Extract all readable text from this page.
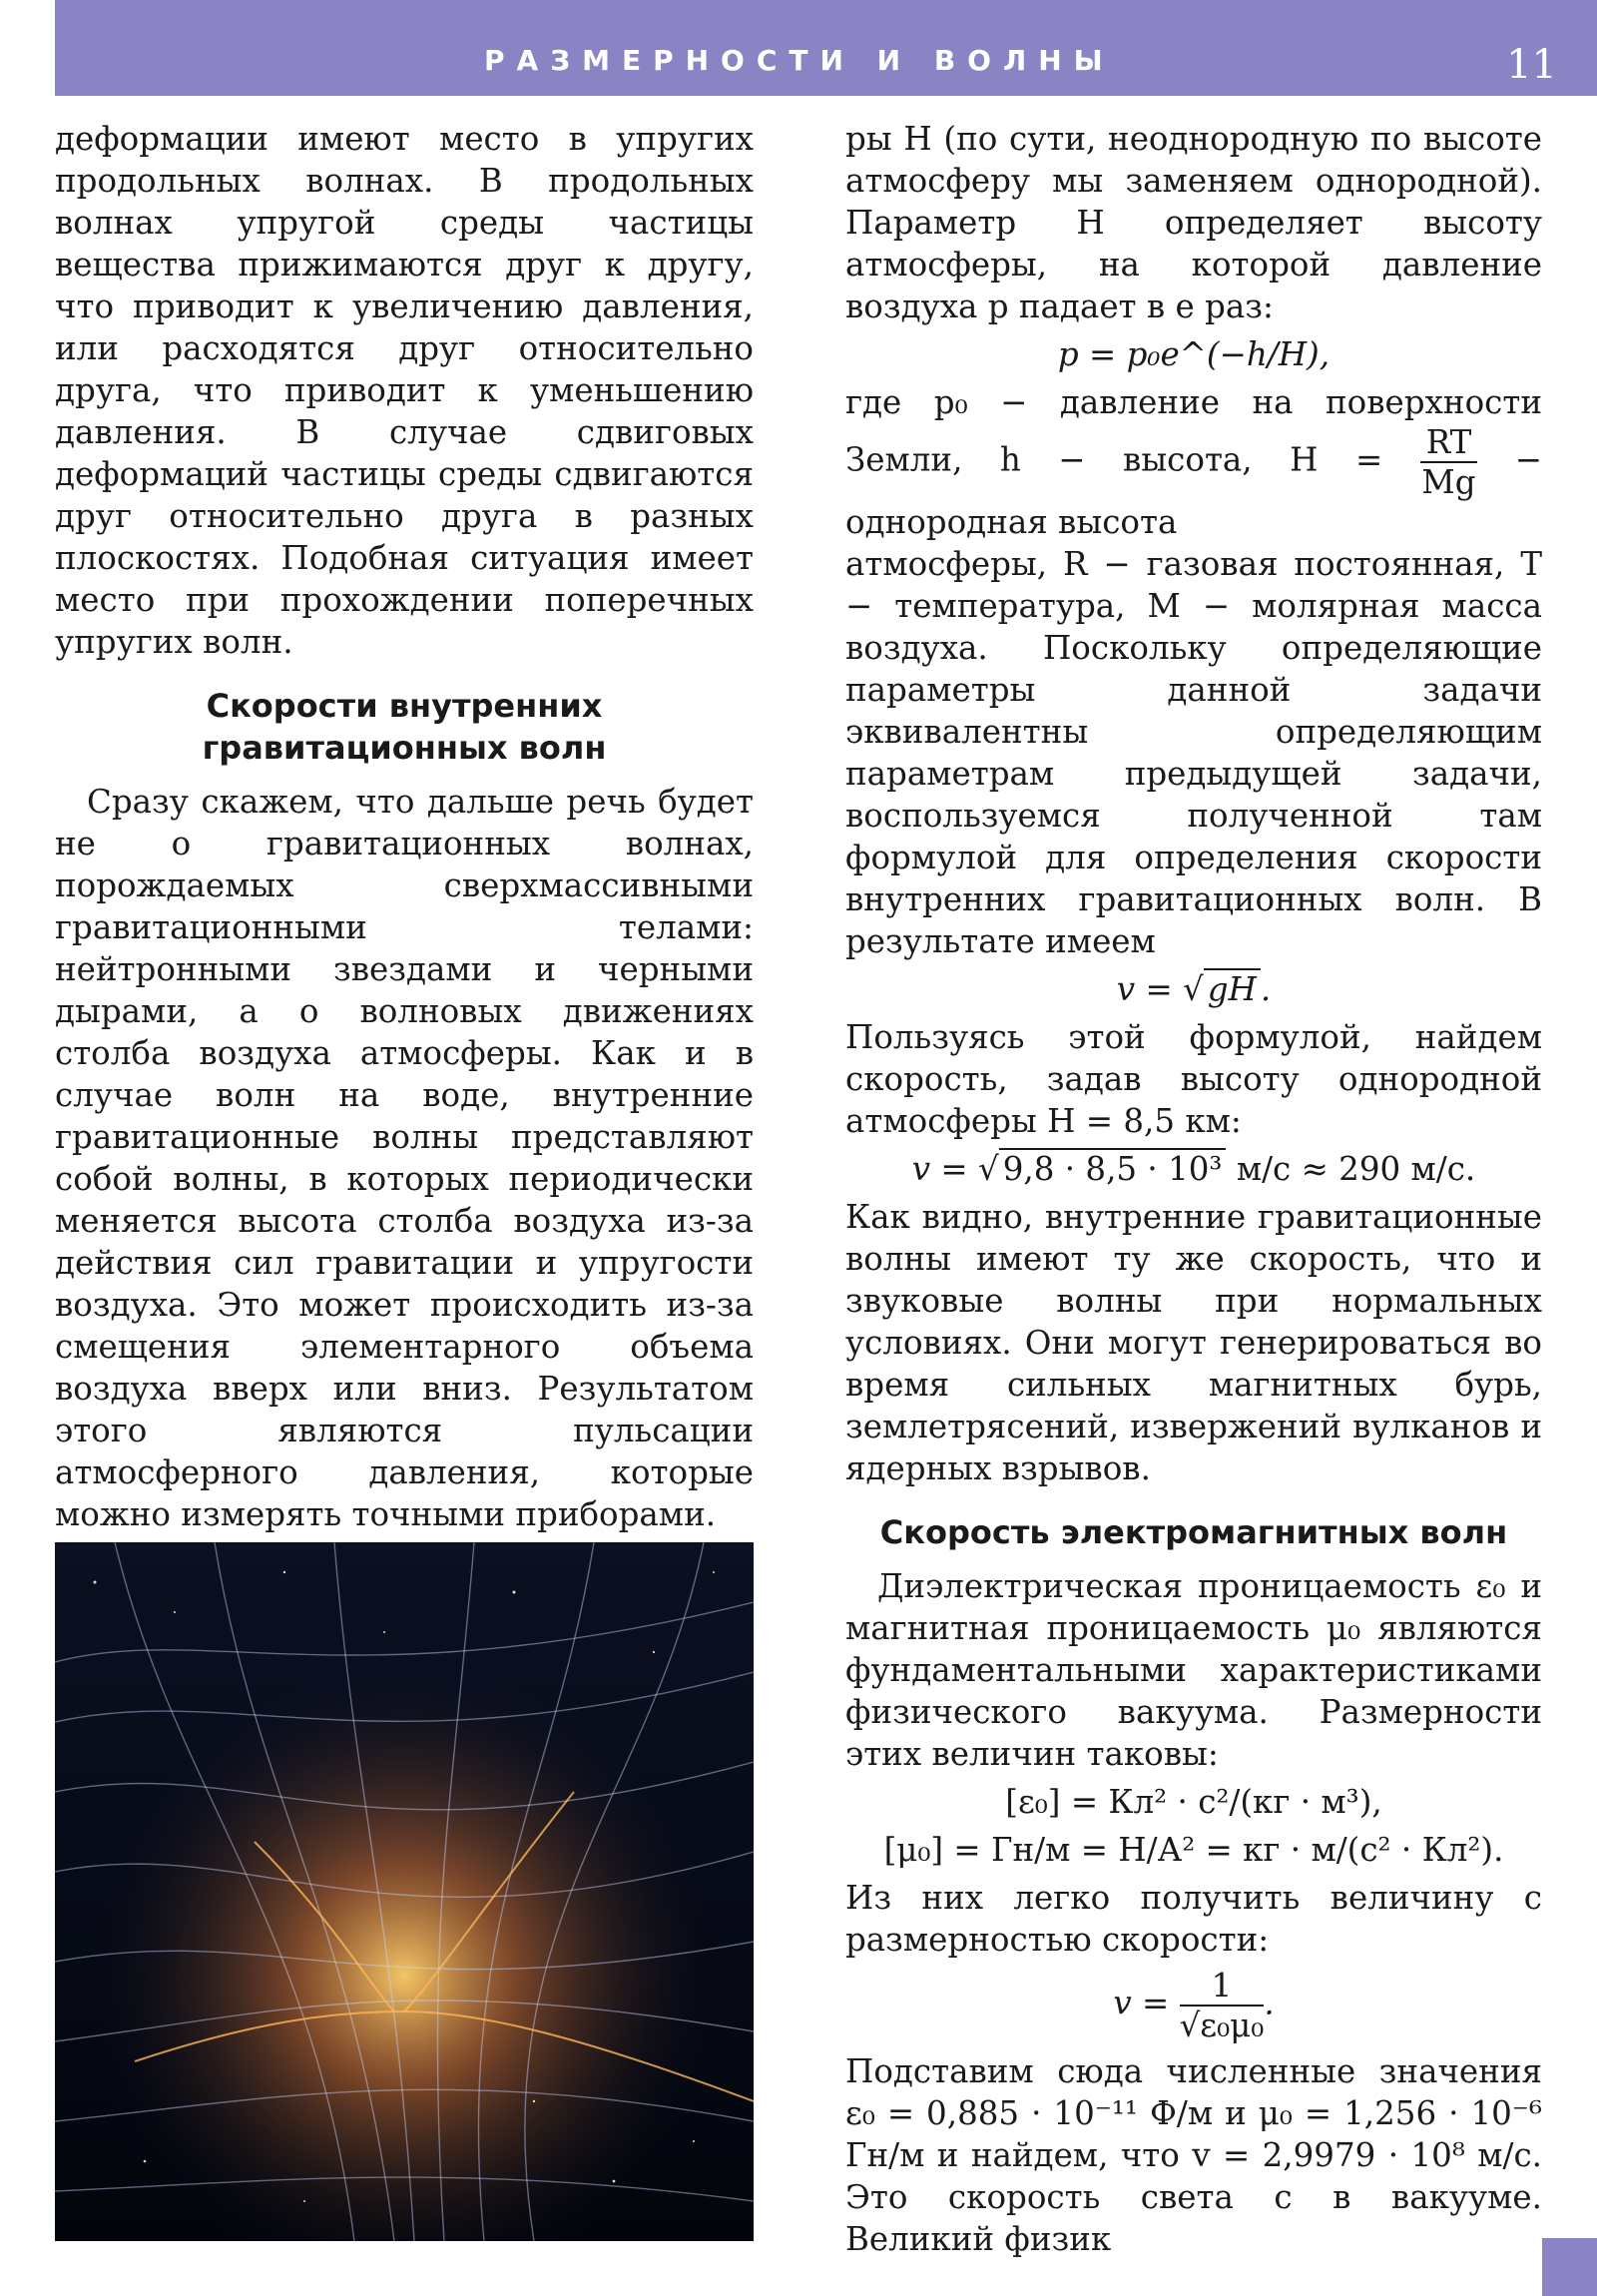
РАЗМЕРНОСТИ И ВОЛНЫ	11

деформации имеют место в упругих продольных волнах. В продольных волнах упругой среды частицы вещества прижимаются друг к другу, что приводит к увеличению давления, или расходятся друг относительно друга, что приводит к уменьшению давления. В случае сдвиговых деформаций частицы среды сдвигаются друг относительно друга в разных плоскостях. Подобная ситуация имеет место при прохождении поперечных упругих волн.

Скорости внутренних гравитационных волн

Сразу скажем, что дальше речь будет не о гравитационных волнах, порождаемых сверхмассивными гравитационными телами: нейтронными звездами и черными дырами, а о волновых движениях столба воздуха атмосферы. Как и в случае волн на воде, внутренние гравитационные волны представляют собой волны, в которых периодически меняется высота столба воздуха из-за действия сил гравитации и упругости воздуха. Это может происходить из-за смещения элементарного объема воздуха вверх или вниз. Результатом этого являются пульсации атмосферного давления, которые можно измерять точными приборами.

ры H (по сути, неоднородную по высоте атмосферу мы заменяем однородной). Параметр H определяет высоту атмосферы, на которой давление воздуха p падает в e раз:

p = p₀e^(−h/H),

где p₀ − давление на поверхности Земли, h − высота, $H = \frac{RT}{Mg}$ − однородная высота

атмосферы, R − газовая постоянная, T − температура, M − молярная масса воздуха. Поскольку определяющие параметры данной задачи эквивалентны определяющим параметрам предыдущей задачи, воспользуемся полученной там формулой для определения скорости внутренних гравитационных волн. В результате имеем

v = √ gH .

Пользуясь этой формулой, найдем скорость, задав высоту однородной атмосферы H = 8,5 км:

v = √ 9,8 · 8,5 · 10³ м/с ≈ 290 м/с.

Как видно, внутренние гравитационные волны имеют ту же скорость, что и звуковые волны при нормальных условиях. Они могут генерироваться во время сильных магнитных бурь, землетрясений, извержений вулканов и ядерных взрывов.

Скорость электромагнитных волн

Диэлектрическая проницаемость ε₀ и магнитная проницаемость μ₀ являются фундаментальными характеристиками физического вакуума. Размерности этих величин таковы:

[ε₀] = Кл² · с²/(кг · м³),
[μ₀] = Гн/м = Н/А² = кг · м/(с² · Кл²).

Из них легко получить величину с размерностью скорости:

$v = \frac{1}{\text{√ε₀μ₀}}$ .

Подставим сюда численные значения ε₀ = 0,885 · 10⁻¹¹ Ф/м и μ₀ = 1,256 · 10⁻⁶ Гн/м и найдем, что v = 2,9979 · 10⁸ м/с. Это скорость света c в вакууме. Великий физик
